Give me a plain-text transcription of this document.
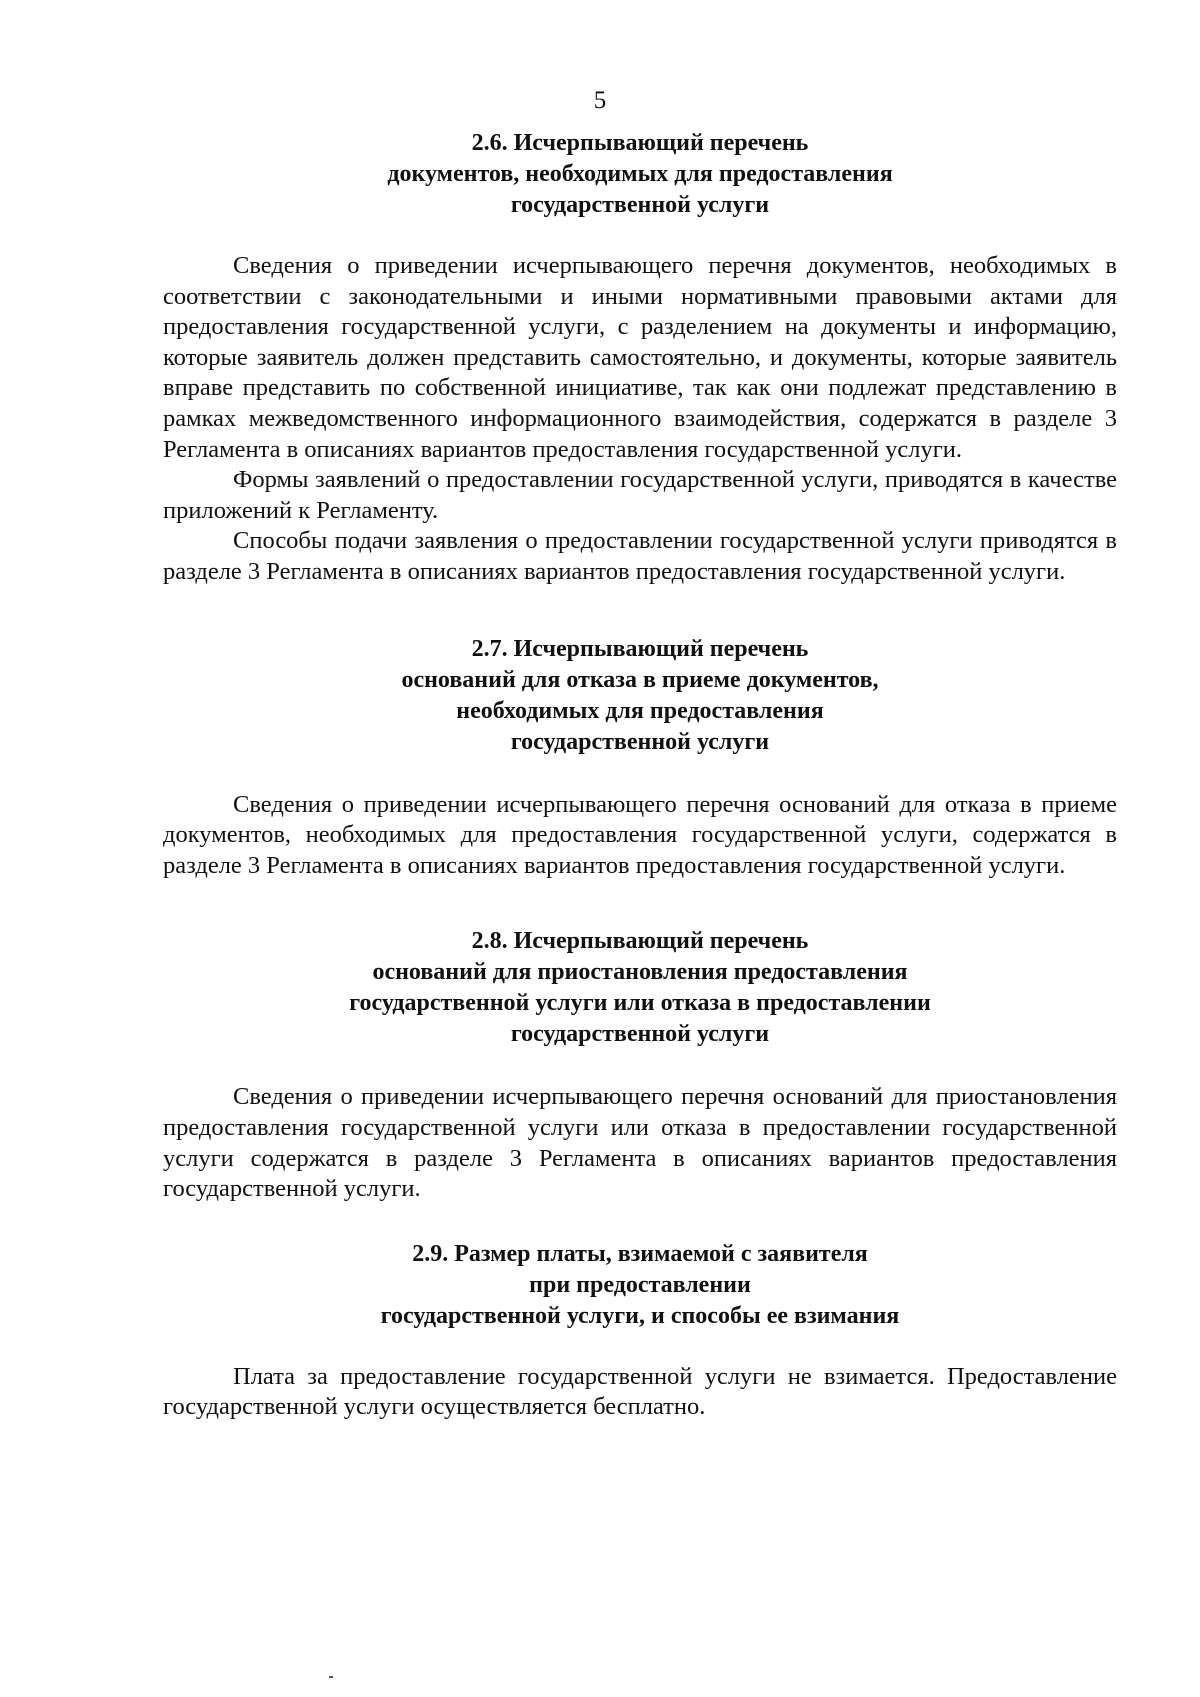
5
2.6. Исчерпывающий перечень
документов, необходимых для предоставления
государственной услуги

Сведения о приведении исчерпывающего перечня документов, необходимых в соответствии с законодательными и иными нормативными правовыми актами для предоставления государственной услуги, с разделением на документы и информацию, которые заявитель должен представить самостоятельно, и документы, которые заявитель вправе представить по собственной инициативе, так как они подлежат представлению в рамках межведомственного информационного взаимодействия, содержатся в разделе 3 Регламента в описаниях вариантов предоставления государственной услуги.

Формы заявлений о предоставлении государственной услуги, приводятся в качестве приложений к Регламенту.

Способы подачи заявления о предоставлении государственной услуги приводятся в разделе 3 Регламента в описаниях вариантов предоставления государственной услуги.

2.7. Исчерпывающий перечень
оснований для отказа в приеме документов,
необходимых для предоставления
государственной услуги

Сведения о приведении исчерпывающего перечня оснований для отказа в приеме документов, необходимых для предоставления государственной услуги, содержатся в разделе 3 Регламента в описаниях вариантов предоставления государственной услуги.

2.8. Исчерпывающий перечень
оснований для приостановления предоставления
государственной услуги или отказа в предоставлении
государственной услуги

Сведения о приведении исчерпывающего перечня оснований для приостановления предоставления государственной услуги или отказа в предоставлении государственной услуги содержатся в разделе 3 Регламента в описаниях вариантов предоставления государственной услуги.

2.9. Размер платы, взимаемой с заявителя
при предоставлении
государственной услуги, и способы ее взимания

Плата за предоставление государственной услуги не взимается. Предоставление государственной услуги осуществляется бесплатно.
